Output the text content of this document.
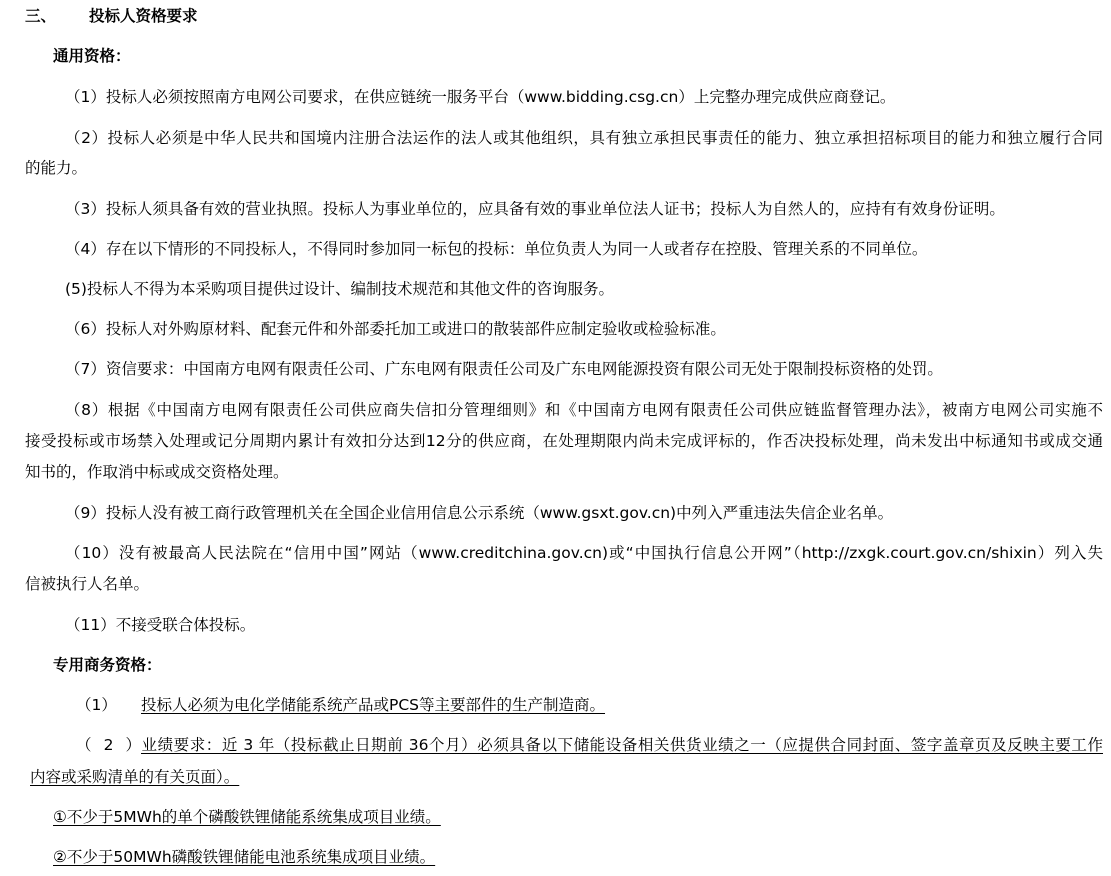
三、 投标人资格要求
通用资格：
（1）投标人必须按照南方电网公司要求，在供应链统一服务平台（www.bidding.csg.cn）上完整办理完成供应商登记。
（2）投标人必须是中华人民共和国境内注册合法运作的法人或其他组织，具有独立承担民事责任的能力、独立承担招标项目的能力和独立履行合同
的能力。
（3）投标人须具备有效的营业执照。投标人为事业单位的，应具备有效的事业单位法人证书；投标人为自然人的，应持有有效身份证明。
（4）存在以下情形的不同投标人，不得同时参加同一标包的投标：单位负责人为同一人或者存在控股、管理关系的不同单位。
(5)投标人不得为本采购项目提供过设计、编制技术规范和其他文件的咨询服务。
（6）投标人对外购原材料、配套元件和外部委托加工或进口的散装部件应制定验收或检验标准。
（7）资信要求：中国南方电网有限责任公司、广东电网有限责任公司及广东电网能源投资有限公司无处于限制投标资格的处罚。
（8）根据《中国南方电网有限责任公司供应商失信扣分管理细则》和《中国南方电网有限责任公司供应链监督管理办法》，被南方电网公司实施不
接受投标或市场禁入处理或记分周期内累计有效扣分达到12分的供应商，在处理期限内尚未完成评标的，作否决投标处理，尚未发出中标通知书或成交通
知书的，作取消中标或成交资格处理。
（9）投标人没有被工商行政管理机关在全国企业信用信息公示系统（www.gsxt.gov.cn)中列入严重违法失信企业名单。
（10）没有被最高人民法院在“信用中国”网站（www.creditchina.gov.cn)或“中国执行信息公开网”（http://zxgk.court.gov.cn/shixin）列入失
信被执行人名单。
（11）不接受联合体投标。
专用商务资格：
（1） 投标人必须为电化学储能系统产品或PCS等主要部件的生产制造商。
（2）业绩要求：近 3 年（投标截止日期前 36个月）必须具备以下储能设备相关供货业绩之一（应提供合同封面、签字盖章页及反映主要工作
内容或采购清单的有关页面）。
①不少于5MWh的单个磷酸铁锂储能系统集成项目业绩。
②不少于50MWh磷酸铁锂储能电池系统集成项目业绩。
